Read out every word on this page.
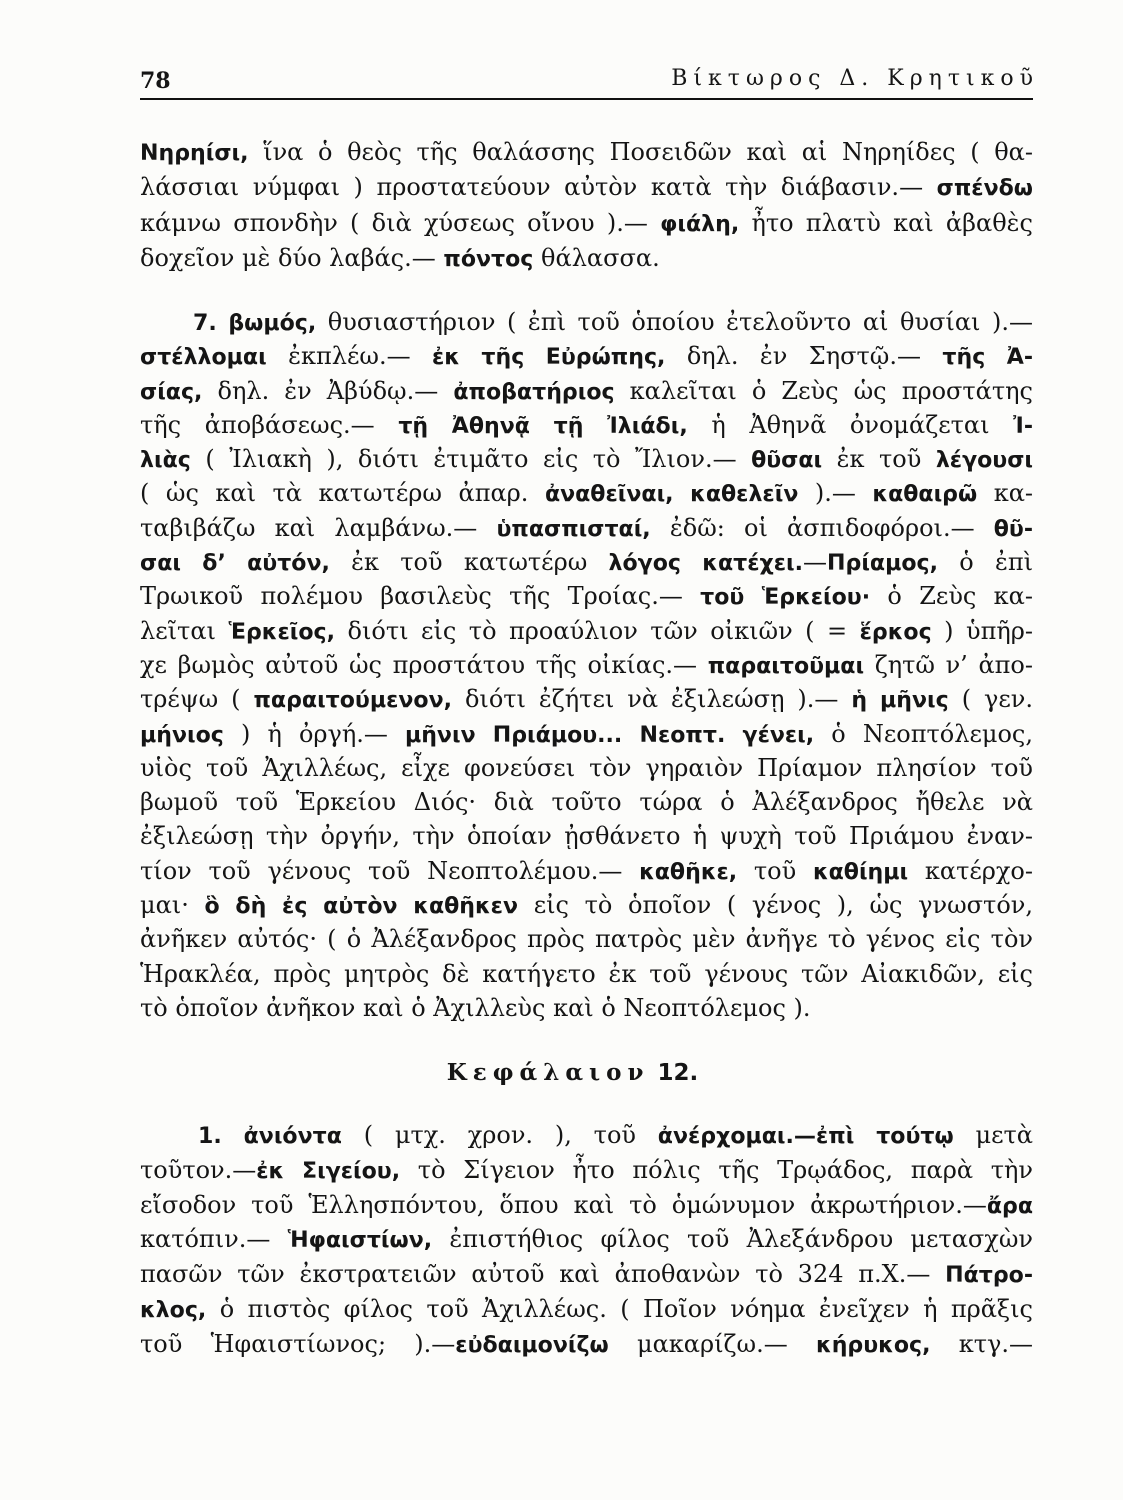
78	Βίκτωρος Δ. Κρητικοῦ
Νηρηίσι, ἵνα ὁ θεὸς τῆς θαλάσσης Ποσειδῶν καὶ αἱ Νηρηίδες ( θα-
λάσσιαι νύμφαι ) προστατεύουν αὐτὸν κατὰ τὴν διάβασιν.— σπένδω
κάμνω σπονδὴν ( διὰ χύσεως οἴνου ).— φιάλη, ἦτο πλατὺ καὶ ἀβαθὲς
δοχεῖον μὲ δύο λαβάς.— πόντος θάλασσα.
7. βωμός, θυσιαστήριον ( ἐπὶ τοῦ ὁποίου ἐτελοῦντο αἱ θυσίαι ).—
στέλλομαι ἐκπλέω.— ἐκ τῆς Εὐρώπης, δηλ. ἐν Σηστῷ.— τῆς Ἀ-
σίας, δηλ. ἐν Ἀβύδῳ.— ἀποβατήριος καλεῖται ὁ Ζεὺς ὡς προστάτης
τῆς ἀποβάσεως.— τῇ Ἀθηνᾷ τῇ Ἰλιάδι, ἡ Ἀθηνᾶ ὀνομάζεται Ἰ-
λιὰς ( Ἰλιακὴ ), διότι ἐτιμᾶτο εἰς τὸ Ἴλιον.— θῦσαι ἐκ τοῦ λέγουσι
( ὡς καὶ τὰ κατωτέρω ἀπαρ. ἀναθεῖναι, καθελεῖν ).— καθαιρῶ κα-
ταβιβάζω καὶ λαμβάνω.— ὑπασπισταί, ἐδῶ: οἱ ἀσπιδοφόροι.— θῦ-
σαι δ’ αὐτόν, ἐκ τοῦ κατωτέρω λόγος κατέχει.—Πρίαμος, ὁ ἐπὶ
Τρωικοῦ πολέμου βασιλεὺς τῆς Τροίας.— τοῦ Ἑρκείου· ὁ Ζεὺς κα-
λεῖται Ἑρκεῖος, διότι εἰς τὸ προαύλιον τῶν οἰκιῶν ( = ἕρκος ) ὑπῆρ-
χε βωμὸς αὐτοῦ ὡς προστάτου τῆς οἰκίας.— παραιτοῦμαι ζητῶ ν’ ἀπο-
τρέψω ( παραιτούμενον, διότι ἐζήτει νὰ ἐξιλεώσῃ ).— ἡ μῆνις ( γεν.
μήνιος ) ἡ ὀργή.— μῆνιν Πριάμου... Νεοπτ. γένει, ὁ Νεοπτόλεμος,
υἱὸς τοῦ Ἀχιλλέως, εἶχε φονεύσει τὸν γηραιὸν Πρίαμον πλησίον τοῦ
βωμοῦ τοῦ Ἑρκείου Διός· διὰ τοῦτο τώρα ὁ Ἀλέξανδρος ἤθελε νὰ
ἐξιλεώσῃ τὴν ὀργήν, τὴν ὁποίαν ᾐσθάνετο ἡ ψυχὴ τοῦ Πριάμου ἐναν-
τίον τοῦ γένους τοῦ Νεοπτολέμου.— καθῆκε, τοῦ καθίημι κατέρχο-
μαι· ὃ δὴ ἐς αὐτὸν καθῆκεν εἰς τὸ ὁποῖον ( γένος ), ὡς γνωστόν,
ἀνῆκεν αὐτός· ( ὁ Ἀλέξανδρος πρὸς πατρὸς μὲν ἀνῆγε τὸ γένος εἰς τὸν
Ἡρακλέα, πρὸς μητρὸς δὲ κατήγετο ἐκ τοῦ γένους τῶν Αἰακιδῶν, εἰς
τὸ ὁποῖον ἀνῆκον καὶ ὁ Ἀχιλλεὺς καὶ ὁ Νεοπτόλεμος ).
Κεφάλαιον 12.
1. ἀνιόντα ( μτχ. χρον. ), τοῦ ἀνέρχομαι.—ἐπὶ τούτῳ μετὰ
τοῦτον.—ἐκ Σιγείου, τὸ Σίγειον ἦτο πόλις τῆς Τρῳάδος, παρὰ τὴν
εἴσοδον τοῦ Ἑλλησπόντου, ὅπου καὶ τὸ ὁμώνυμον ἀκρωτήριον.—ἄρα
κατόπιν.— Ἡφαιστίων, ἐπιστήθιος φίλος τοῦ Ἀλεξάνδρου μετασχὼν
πασῶν τῶν ἐκστρατειῶν αὐτοῦ καὶ ἀποθανὼν τὸ 324 π.Χ.— Πάτρο-
κλος, ὁ πιστὸς φίλος τοῦ Ἀχιλλέως. ( Ποῖον νόημα ἐνεῖχεν ἡ πρᾶξις
τοῦ Ἡφαιστίωνος; ).—εὐδαιμονίζω μακαρίζω.— κήρυκος, κτγ.—
